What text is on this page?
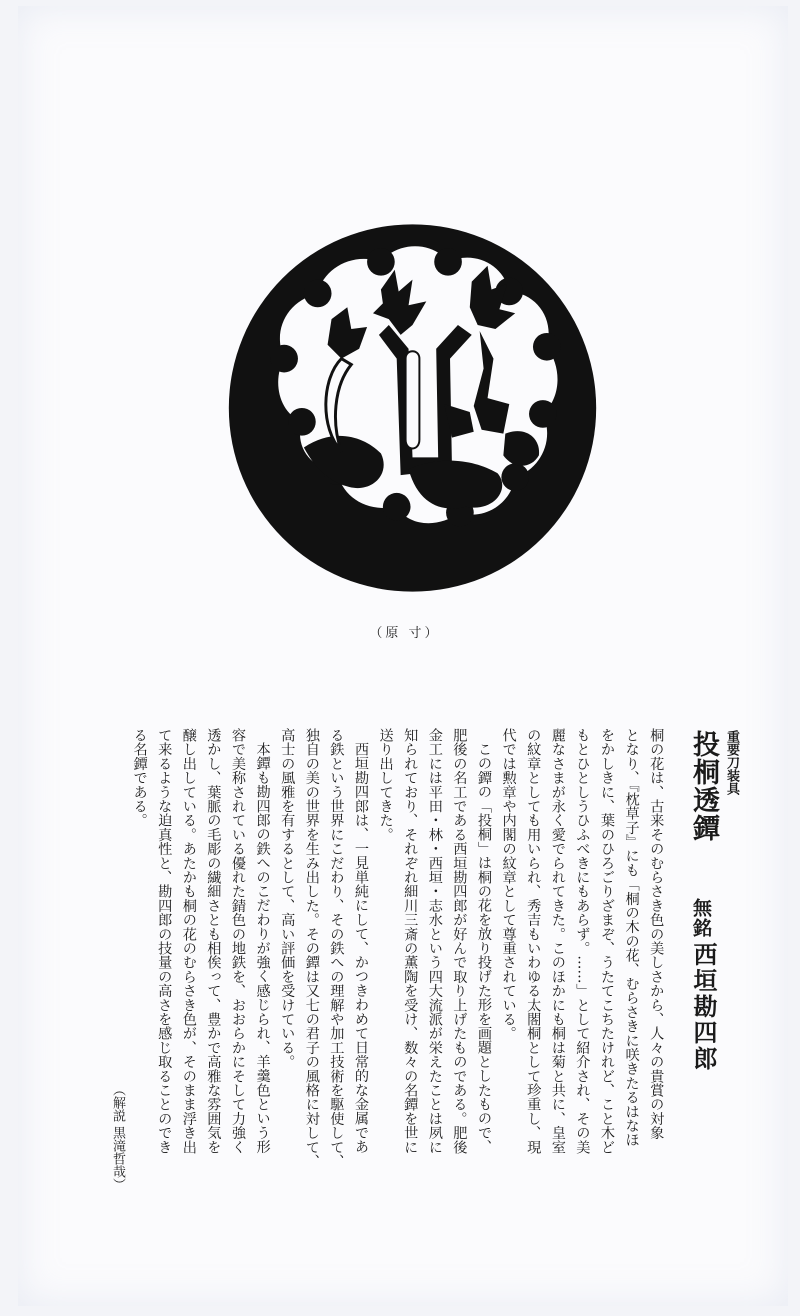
（原 寸）
重要刀装具
投桐透鐔
無銘
西垣勘四郎
桐の花は、古来そのむらさき色の美しさから、人々の貴賞の対象
となり、『枕草子』にも「桐の木の花、むらさきに咲きたるはなほ
をかしきに、葉のひろごりざまぞ、うたてこちたけれど、こと木ど
もとひとしうひふべきにもあらず。……」として紹介され、その美
麗なさまが永く愛でられてきた。このほかにも桐は菊と共に、皇室
の紋章としても用いられ、秀吉もいわゆる太閤桐として珍重し、現
代では勲章や内閣の紋章として尊重されている。
この鐔の「投桐」は桐の花を放り投げた形を画題としたもので、
肥後の名工である西垣勘四郎が好んで取り上げたものである。肥後
金工には平田・林・西垣・志水という四大流派が栄えたことは夙に
知られており、それぞれ細川三斎の薫陶を受け、数々の名鐔を世に
送り出してきた。
西垣勘四郎は、一見単純にして、かつきわめて日常的な金属であ
る鉄という世界にこだわり、その鉄への理解や加工技術を駆使して、
独自の美の世界を生み出した。その鐔は又七の君子の風格に対して、
高士の風雅を有するとして、高い評価を受けている。
本鐔も勘四郎の鉄へのこだわりが強く感じられ、羊羹色という形
容で美称されている優れた錆色の地鉄を、おおらかにそして力強く
透かし、葉脈の毛彫の繊細さとも相俟って、豊かで高雅な雰囲気を
醸し出している。あたかも桐の花のむらさき色が、そのまま浮き出
て来るような迫真性と、勘四郎の技量の高さを感じ取ることのでき
る名鐔である。
（解説 黒滝哲哉）
